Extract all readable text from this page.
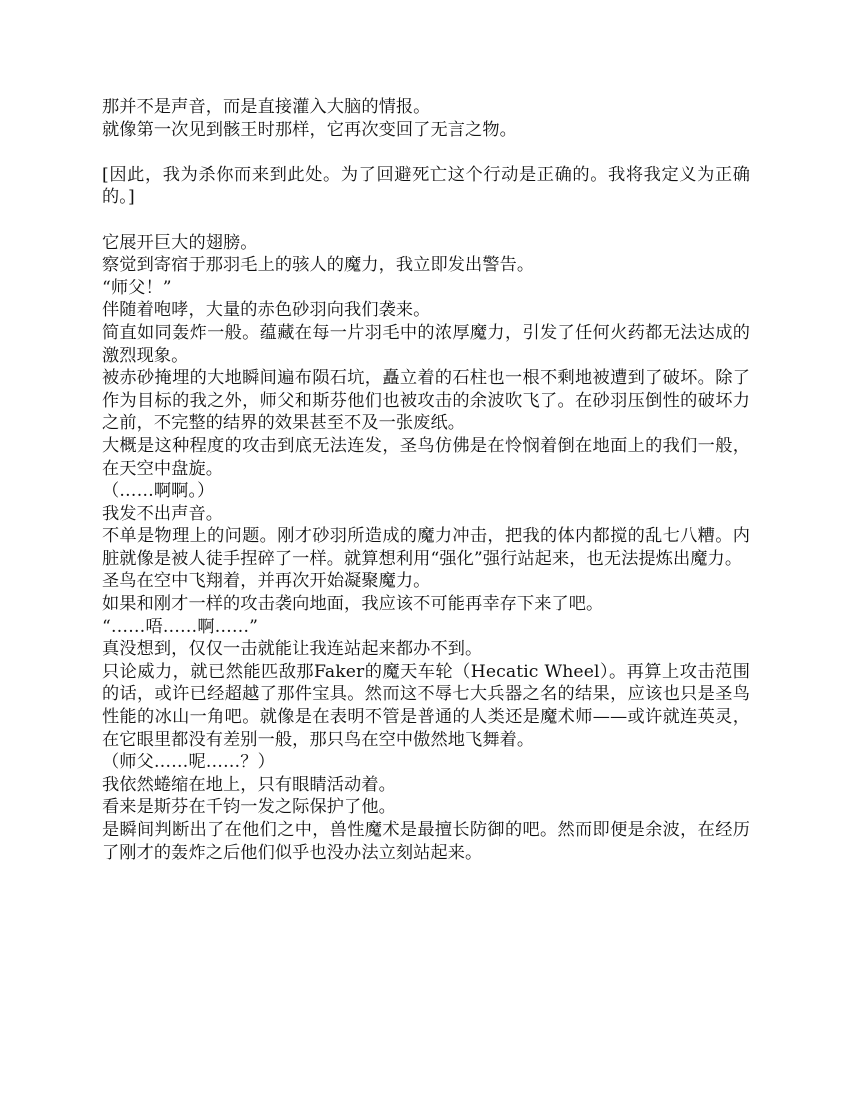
那并不是声音，而是直接灌入大脑的情报。

就像第一次见到骸王时那样，它再次变回了无言之物。

[因此，我为杀你而来到此处。为了回避死亡这个行动是正确的。我将我定义为正确的。]

它展开巨大的翅膀。

察觉到寄宿于那羽毛上的骇人的魔力，我立即发出警告。

“师父！”

伴随着咆哮，大量的赤色砂羽向我们袭来。

简直如同轰炸一般。蕴藏在每一片羽毛中的浓厚魔力，引发了任何火药都无法达成的激烈现象。

被赤砂掩埋的大地瞬间遍布陨石坑，矗立着的石柱也一根不剩地被遭到了破坏。除了作为目标的我之外，师父和斯芬他们也被攻击的余波吹飞了。在砂羽压倒性的破坏力之前，不完整的结界的效果甚至不及一张废纸。

大概是这种程度的攻击到底无法连发，圣鸟仿佛是在怜悯着倒在地面上的我们一般，在天空中盘旋。

（……啊啊。）

我发不出声音。

不单是物理上的问题。刚才砂羽所造成的魔力冲击，把我的体内都搅的乱七八糟。内脏就像是被人徒手捏碎了一样。就算想利用“强化”强行站起来，也无法提炼出魔力。

圣鸟在空中飞翔着，并再次开始凝聚魔力。

如果和刚才一样的攻击袭向地面，我应该不可能再幸存下来了吧。

“……唔……啊……”

真没想到，仅仅一击就能让我连站起来都办不到。

只论威力，就已然能匹敌那Faker的魔天车轮（Hecatic Wheel）。再算上攻击范围的话，或许已经超越了那件宝具。然而这不辱七大兵器之名的结果，应该也只是圣鸟性能的冰山一角吧。就像是在表明不管是普通的人类还是魔术师——或许就连英灵，在它眼里都没有差别一般，那只鸟在空中傲然地飞舞着。

（师父……呢……？）

我依然蜷缩在地上，只有眼睛活动着。

看来是斯芬在千钧一发之际保护了他。

是瞬间判断出了在他们之中，兽性魔术是最擅长防御的吧。然而即便是余波，在经历了刚才的轰炸之后他们似乎也没办法立刻站起来。
